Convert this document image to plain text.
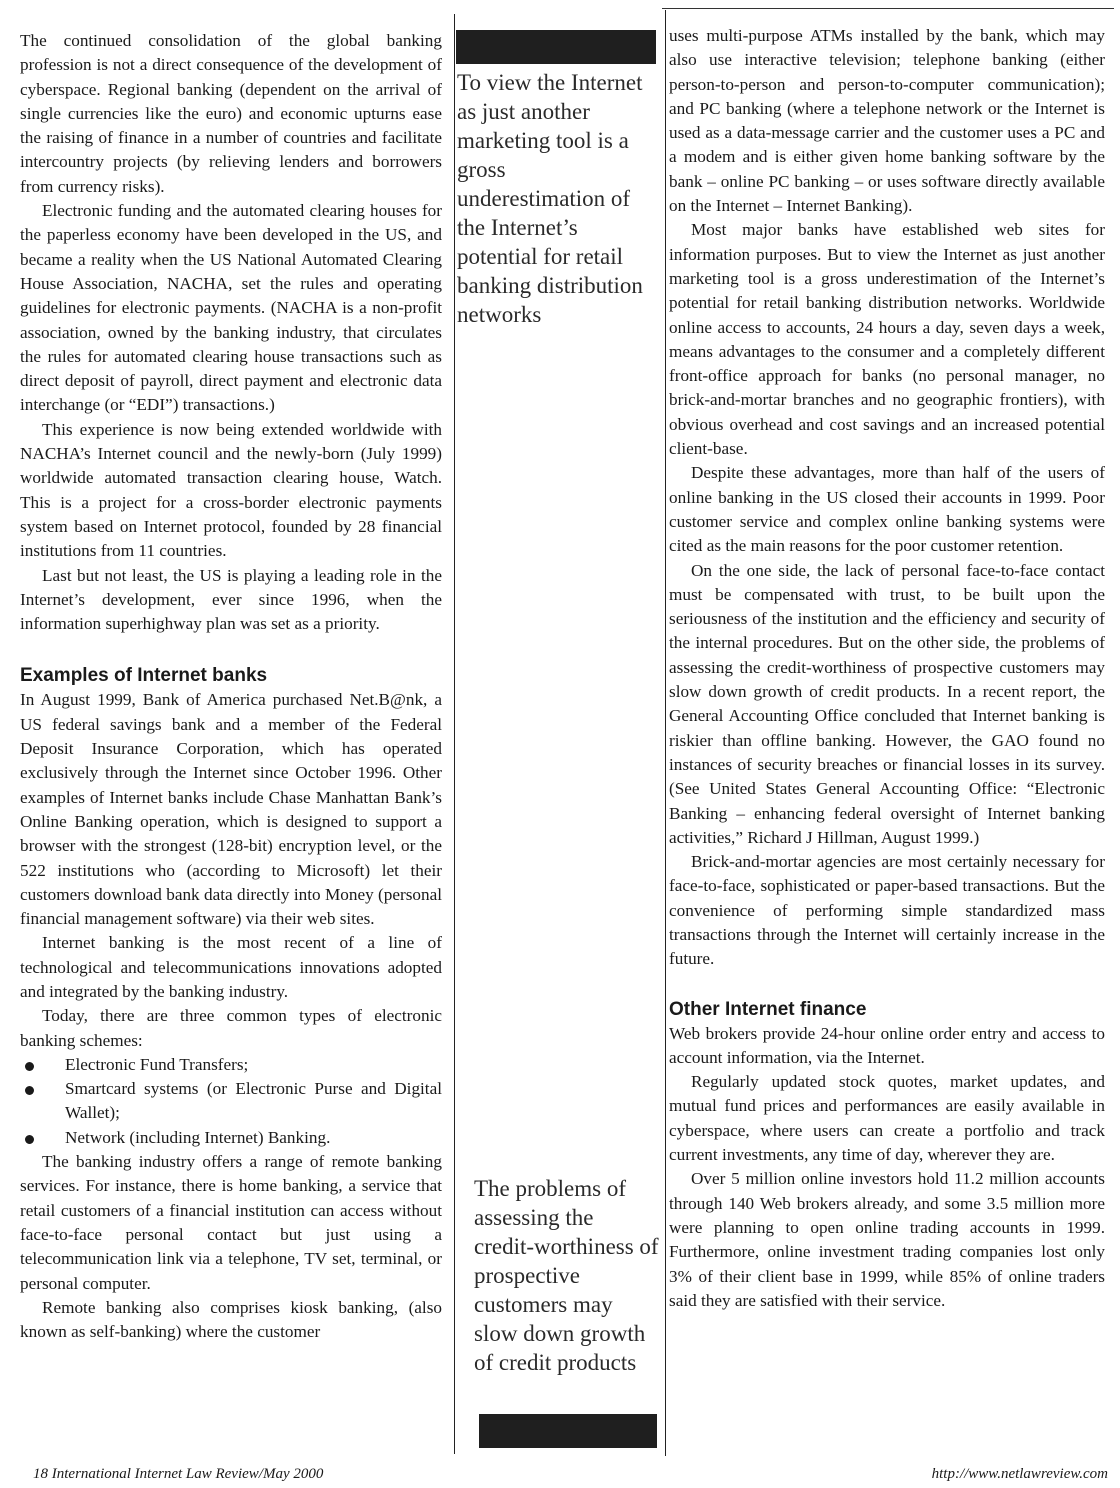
The continued consolidation of the global banking profession is not a direct consequence of the development of cyberspace. Regional banking (dependent on the arrival of single currencies like the euro) and economic upturns ease the raising of finance in a number of countries and facilitate intercountry projects (by relieving lenders and borrowers from currency risks).

Electronic funding and the automated clearing houses for the paperless economy have been developed in the US, and became a reality when the US National Automated Clearing House Association, NACHA, set the rules and operating guidelines for electronic payments. (NACHA is a non-profit association, owned by the banking industry, that circulates the rules for automated clearing house transactions such as direct deposit of payroll, direct payment and electronic data interchange (or “EDI”) transactions.)

This experience is now being extended worldwide with NACHA’s Internet council and the newly-born (July 1999) worldwide automated transaction clearing house, Watch. This is a project for a cross-border electronic payments system based on Internet protocol, founded by 28 financial institutions from 11 countries.

Last but not least, the US is playing a leading role in the Internet’s development, ever since 1996, when the information superhighway plan was set as a priority.

Examples of Internet banks

In August 1999, Bank of America purchased Net.B@nk, a US federal savings bank and a member of the Federal Deposit Insurance Corporation, which has operated exclusively through the Internet since October 1996. Other examples of Internet banks include Chase Manhattan Bank’s Online Banking operation, which is designed to support a browser with the strongest (128-bit) encryption level, or the 522 institutions who (according to Microsoft) let their customers download bank data directly into Money (personal financial management software) via their web sites.

Internet banking is the most recent of a line of technological and telecommunications innovations adopted and integrated by the banking industry.

Today, there are three common types of electronic banking schemes:

Electronic Fund Transfers;
Smartcard systems (or Electronic Purse and Digital Wallet);
Network (including Internet) Banking.

The banking industry offers a range of remote banking services. For instance, there is home banking, a service that retail customers of a financial institution can access without face-to-face personal contact but just using a telecommunication link via a telephone, TV set, terminal, or personal computer.

Remote banking also comprises kiosk banking, (also known as self-banking) where the customer

To view the Internet as just another marketing tool is a gross underestimation of the Internet’s potential for retail banking distribution networks
The problems of assessing the credit-worthiness of prospective customers may slow down growth of credit products

uses multi-purpose ATMs installed by the bank, which may also use interactive television; telephone banking (either person-to-person and person-to-computer communication); and PC banking (where a telephone network or the Internet is used as a data-message carrier and the customer uses a PC and a modem and is either given home banking software by the bank – online PC banking – or uses software directly available on the Internet – Internet Banking).

Most major banks have established web sites for information purposes. But to view the Internet as just another marketing tool is a gross underestimation of the Internet’s potential for retail banking distribution networks. Worldwide online access to accounts, 24 hours a day, seven days a week, means advantages to the consumer and a completely different front-office approach for banks (no personal manager, no brick-and-mortar branches and no geographic frontiers), with obvious overhead and cost savings and an increased potential client-base.

Despite these advantages, more than half of the users of online banking in the US closed their accounts in 1999. Poor customer service and complex online banking systems were cited as the main reasons for the poor customer retention.

On the one side, the lack of personal face-to-face contact must be compensated with trust, to be built upon the seriousness of the institution and the efficiency and security of the internal procedures. But on the other side, the problems of assessing the credit-worthiness of prospective customers may slow down growth of credit products. In a recent report, the General Accounting Office concluded that Internet banking is riskier than offline banking. However, the GAO found no instances of security breaches or financial losses in its survey. (See United States General Accounting Office: “Electronic Banking – enhancing federal oversight of Internet banking activities,” Richard J Hillman, August 1999.)

Brick-and-mortar agencies are most certainly necessary for face-to-face, sophisticated or paper-based transactions. But the convenience of performing simple standardized mass transactions through the Internet will certainly increase in the future.

Other Internet finance

Web brokers provide 24-hour online order entry and access to account information, via the Internet.

Regularly updated stock quotes, market updates, and mutual fund prices and performances are easily available in cyberspace, where users can create a portfolio and track current investments, any time of day, wherever they are.

Over 5 million online investors hold 11.2 million accounts through 140 Web brokers already, and some 3.5 million more were planning to open online trading accounts in 1999. Furthermore, online investment trading companies lost only 3% of their client base in 1999, while 85% of online traders said they are satisfied with their service.

18 International Internet Law Review/May 2000	http://www.netlawreview.com
